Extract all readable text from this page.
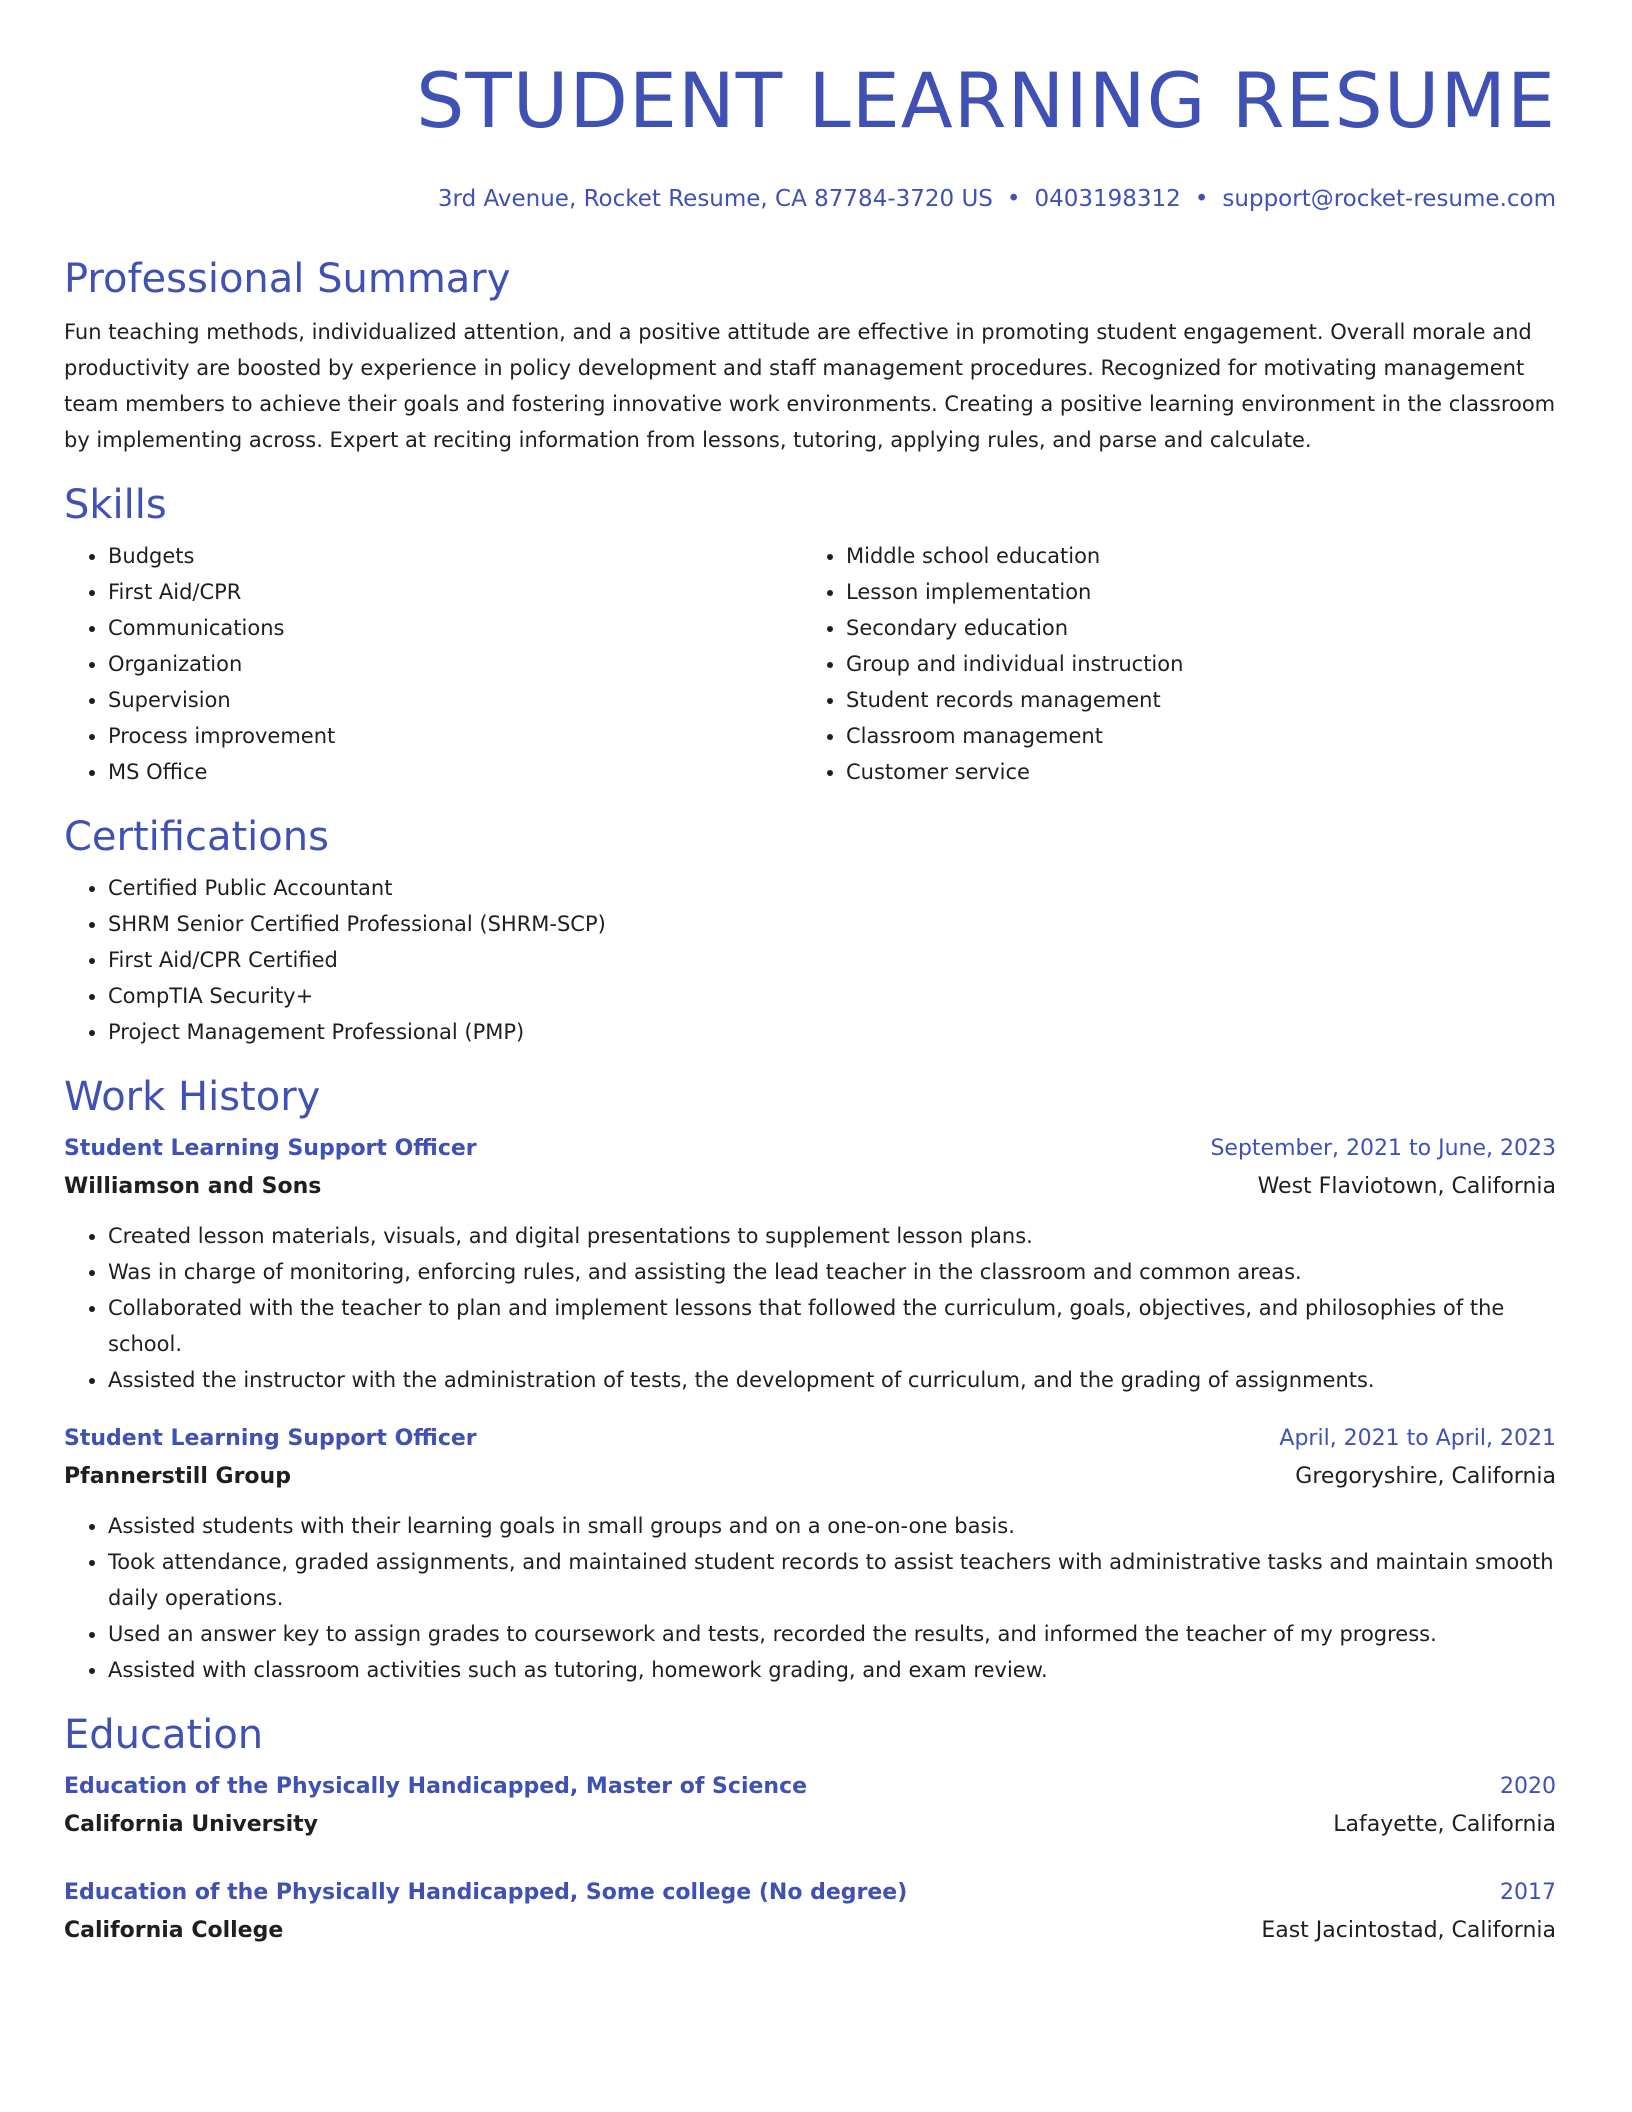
STUDENT LEARNING RESUME
3rd Avenue, Rocket Resume, CA 87784-3720 US • 0403198312 • support@rocket-resume.com
Professional Summary

Fun teaching methods, individualized attention, and a positive attitude are effective in promoting student engagement. Overall morale and productivity are boosted by experience in policy development and staff management procedures. Recognized for motivating management team members to achieve their goals and fostering innovative work environments. Creating a positive learning environment in the classroom by implementing across. Expert at reciting information from lessons, tutoring, applying rules, and parse and calculate.

Skills
• Budgets
• First Aid/CPR
• Communications
• Organization
• Supervision
• Process improvement
• MS Office
• Middle school education
• Lesson implementation
• Secondary education
• Group and individual instruction
• Student records management
• Classroom management
• Customer service
Certifications
• Certified Public Accountant
• SHRM Senior Certified Professional (SHRM-SCP)
• First Aid/CPR Certified
• CompTIA Security+
• Project Management Professional (PMP)
Work History
Student Learning Support Officer	September, 2021 to June, 2023
Williamson and Sons	West Flaviotown, California
• Created lesson materials, visuals, and digital presentations to supplement lesson plans.
• Was in charge of monitoring, enforcing rules, and assisting the lead teacher in the classroom and common areas.
• Collaborated with the teacher to plan and implement lessons that followed the curriculum, goals, objectives, and philosophies of the school.
• Assisted the instructor with the administration of tests, the development of curriculum, and the grading of assignments.
Student Learning Support Officer	April, 2021 to April, 2021
Pfannerstill Group	Gregoryshire, California
• Assisted students with their learning goals in small groups and on a one-on-one basis.
• Took attendance, graded assignments, and maintained student records to assist teachers with administrative tasks and maintain smooth daily operations.
• Used an answer key to assign grades to coursework and tests, recorded the results, and informed the teacher of my progress.
• Assisted with classroom activities such as tutoring, homework grading, and exam review.
Education
Education of the Physically Handicapped, Master of Science	2020
California University	Lafayette, California
Education of the Physically Handicapped, Some college (No degree)	2017
California College	East Jacintostad, California
